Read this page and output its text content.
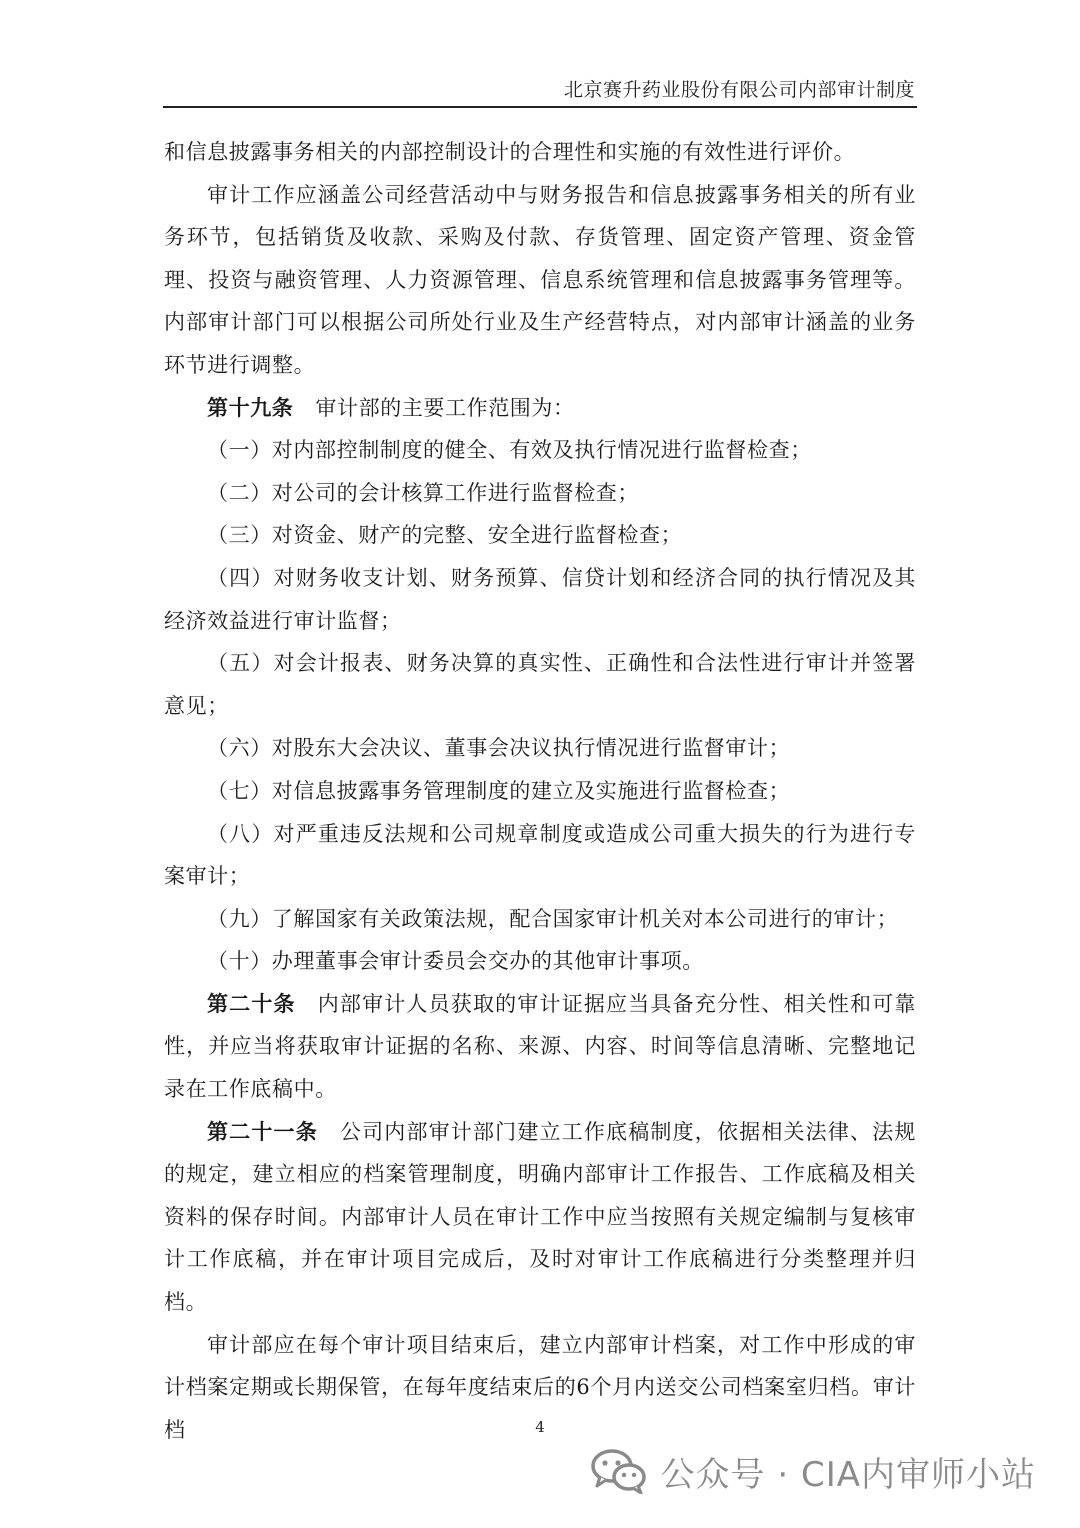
北京赛升药业股份有限公司内部审计制度

和信息披露事务相关的内部控制设计的合理性和实施的有效性进行评价。

审计工作应涵盖公司经营活动中与财务报告和信息披露事务相关的所有业务环节，包括销货及收款、采购及付款、存货管理、固定资产管理、资金管理、投资与融资管理、人力资源管理、信息系统管理和信息披露事务管理等。内部审计部门可以根据公司所处行业及生产经营特点，对内部审计涵盖的业务环节进行调整。

第十九条 审计部的主要工作范围为：

（一）对内部控制制度的健全、有效及执行情况进行监督检查；

（二）对公司的会计核算工作进行监督检查；

（三）对资金、财产的完整、安全进行监督检查；

（四）对财务收支计划、财务预算、信贷计划和经济合同的执行情况及其经济效益进行审计监督；

（五）对会计报表、财务决算的真实性、正确性和合法性进行审计并签署意见；

（六）对股东大会决议、董事会决议执行情况进行监督审计；

（七）对信息披露事务管理制度的建立及实施进行监督检查；

（八）对严重违反法规和公司规章制度或造成公司重大损失的行为进行专案审计；

（九）了解国家有关政策法规，配合国家审计机关对本公司进行的审计；

（十）办理董事会审计委员会交办的其他审计事项。

第二十条 内部审计人员获取的审计证据应当具备充分性、相关性和可靠性，并应当将获取审计证据的名称、来源、内容、时间等信息清晰、完整地记录在工作底稿中。

第二十一条 公司内部审计部门建立工作底稿制度，依据相关法律、法规的规定，建立相应的档案管理制度，明确内部审计工作报告、工作底稿及相关资料的保存时间。内部审计人员在审计工作中应当按照有关规定编制与复核审计工作底稿，并在审计项目完成后，及时对审计工作底稿进行分类整理并归档。

审计部应在每个审计项目结束后，建立内部审计档案，对工作中形成的审计档案定期或长期保管，在每年度结束后的6个月内送交公司档案室归档。审计档	4
公众号 · CIA内审师小站
